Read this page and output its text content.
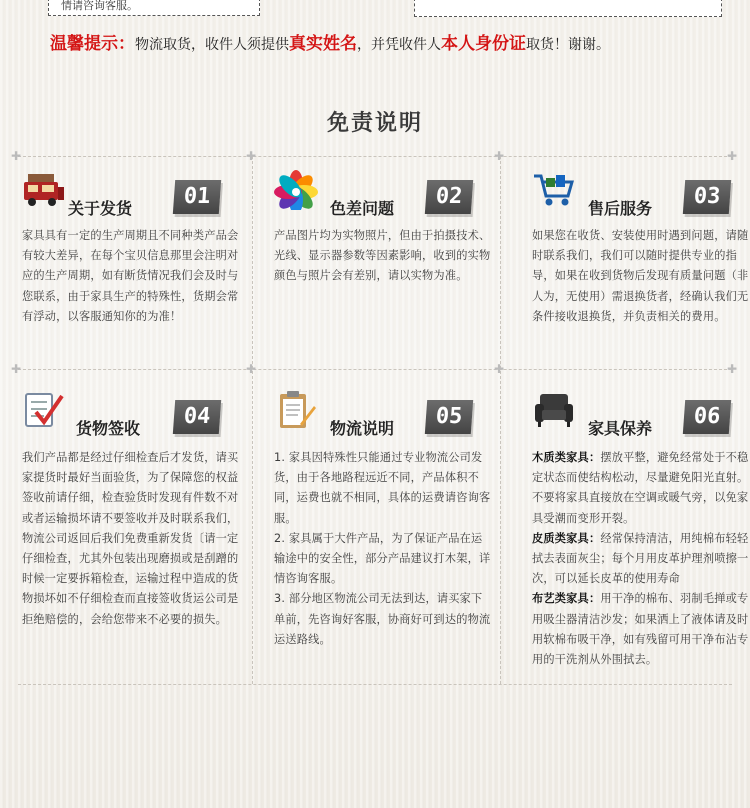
情请咨询客服。
温馨提示：物流取货，收件人须提供真实姓名，并凭收件人本人身份证取货！谢谢。
免责说明
✚	✚	✚	✚
✚	✚	✚	✚
关于发货	01

家具具有一定的生产周期且不同种类产品会有较大差异，在每个宝贝信息那里会注明对应的生产周期，如有断货情况我们会及时与您联系，由于家具生产的特殊性，货期会常有浮动，以客服通知你的为准！

色差问题	02

产品图片均为实物照片，但由于拍摄技术、光线、显示器参数等因素影响，收到的实物颜色与照片会有差别，请以实物为准。

售后服务	03

如果您在收货、安装使用时遇到问题，请随时联系我们，我们可以随时提供专业的指导，如果在收到货物后发现有质量问题（非人为，无使用）需退换货者，经确认我们无条件接收退换货，并负责相关的费用。

货物签收	04

我们产品都是经过仔细检查后才发货，请买家提货时最好当面验货，为了保障您的权益签收前请仔细，检查验货时发现有件数不对或者运输损坏请不要签收并及时联系我们，物流公司返回后我们免费重新发货〔请一定仔细检查，尤其外包装出现磨损或是刮蹭的时候一定要拆箱检查，运输过程中造成的货物损坏如不仔细检查而直接签收货运公司是拒绝赔偿的，会给您带来不必要的损失。

物流说明	05

1. 家具因特殊性只能通过专业物流公司发货，由于各地路程远近不同，产品体积不同，运费也就不相同，具体的运费请咨询客服。

2. 家具属于大件产品，为了保证产品在运输途中的安全性，部分产品建议打木架，详情咨询客服。

3. 部分地区物流公司无法到达，请买家下单前，先咨询好客服，协商好可到达的物流运送路线。

家具保养	06

木质类家具：摆放平整，避免经常处于不稳定状态而使结构松动，尽量避免阳光直射。不要将家具直接放在空调或暖气旁，以免家具受潮而变形开裂。

皮质类家具：经常保持清洁，用纯棉布轻轻拭去表面灰尘；每个月用皮革护理剂喷擦一次，可以延长皮革的使用寿命

布艺类家具：用干净的棉布、羽制毛掸或专用吸尘器清洁沙发；如果洒上了液体请及时用软棉布吸干净，如有残留可用干净布沾专用的干洗剂从外围拭去。
